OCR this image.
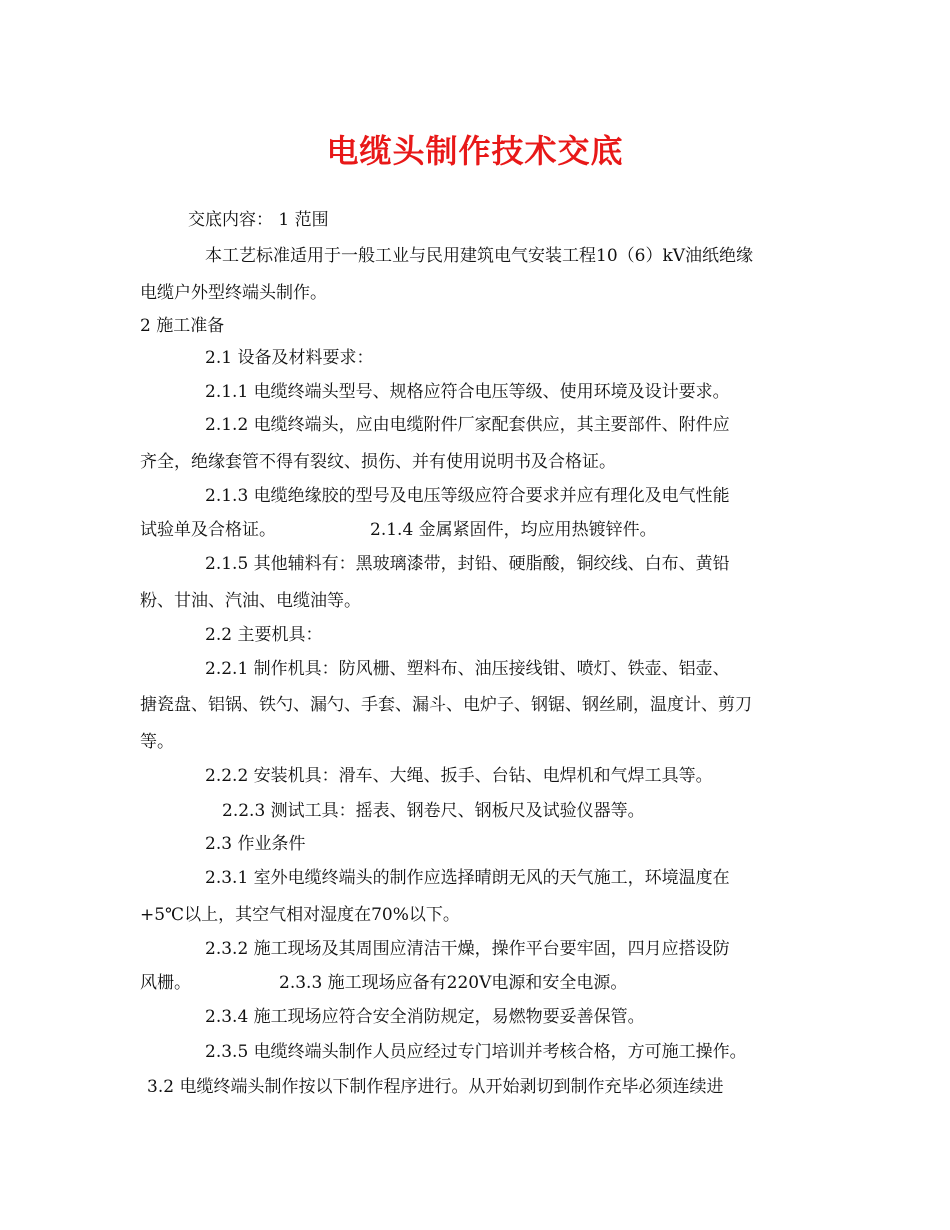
电缆头制作技术交底
交底内容： 1 范围
本工艺标准适用于一般工业与民用建筑电气安装工程10（6）kV油纸绝缘
电缆户外型终端头制作。
2 施工准备
2.1 设备及材料要求：
2.1.1 电缆终端头型号、规格应符合电压等级、使用环境及设计要求。
2.1.2 电缆终端头，应由电缆附件厂家配套供应，其主要部件、附件应
齐全，绝缘套管不得有裂纹、损伤、并有使用说明书及合格证。
2.1.3 电缆绝缘胶的型号及电压等级应符合要求并应有理化及电气性能
试验单及合格证。	2.1.4 金属紧固件，均应用热镀锌件。
2.1.5 其他辅料有：黑玻璃漆带，封铅、硬脂酸，铜绞线、白布、黄铅
粉、甘油、汽油、电缆油等。
2.2 主要机具：
2.2.1 制作机具：防风栅、塑料布、油压接线钳、喷灯、铁壶、铝壶、
搪瓷盘、铝锅、铁勺、漏勺、手套、漏斗、电炉子、钢锯、钢丝刷，温度计、剪刀
等。
2.2.2 安装机具：滑车、大绳、扳手、台钻、电焊机和气焊工具等。
2.2.3 测试工具：摇表、钢卷尺、钢板尺及试验仪器等。
2.3 作业条件
2.3.1 室外电缆终端头的制作应选择晴朗无风的天气施工，环境温度在
+5℃以上，其空气相对湿度在70%以下。
2.3.2 施工现场及其周围应清洁干燥，操作平台要牢固，四月应搭设防
风栅。	2.3.3 施工现场应备有220V电源和安全电源。
2.3.4 施工现场应符合安全消防规定，易燃物要妥善保管。
2.3.5 电缆终端头制作人员应经过专门培训并考核合格，方可施工操作。
3.2 电缆终端头制作按以下制作程序进行。从开始剥切到制作充毕必须连续进
